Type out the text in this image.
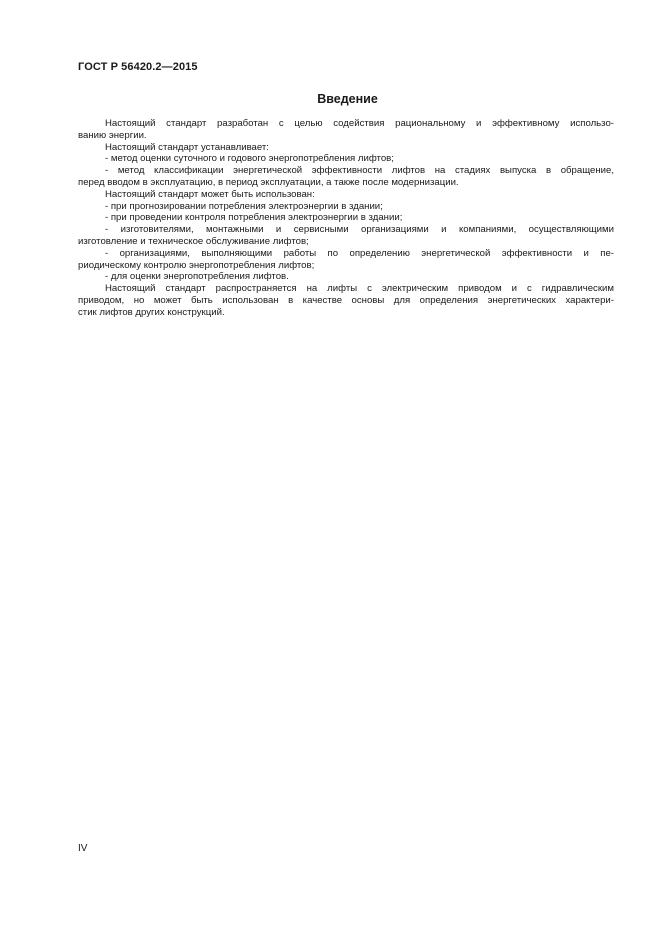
ГОСТ Р 56420.2—2015
Введение
Настоящий стандарт разработан с целью содействия рациональному и эффективному использо-
ванию энергии.
Настоящий стандарт устанавливает:
- метод оценки суточного и годового энергопотребления лифтов;
- метод классификации энергетической эффективности лифтов на стадиях выпуска в обращение,
перед вводом в эксплуатацию, в период эксплуатации, а также после модернизации.
Настоящий стандарт может быть использован:
- при прогнозировании потребления электроэнергии в здании;
- при проведении контроля потребления электроэнергии в здании;
- изготовителями, монтажными и сервисными организациями и компаниями, осуществляющими
изготовление и техническое обслуживание лифтов;
- организациями, выполняющими работы по определению энергетической эффективности и пе-
риодическому контролю энергопотребления лифтов;
- для оценки энергопотребления лифтов.
Настоящий стандарт распространяется на лифты с электрическим приводом и с гидравлическим
приводом, но может быть использован в качестве основы для определения энергетических характери-
стик лифтов других конструкций.
IV
